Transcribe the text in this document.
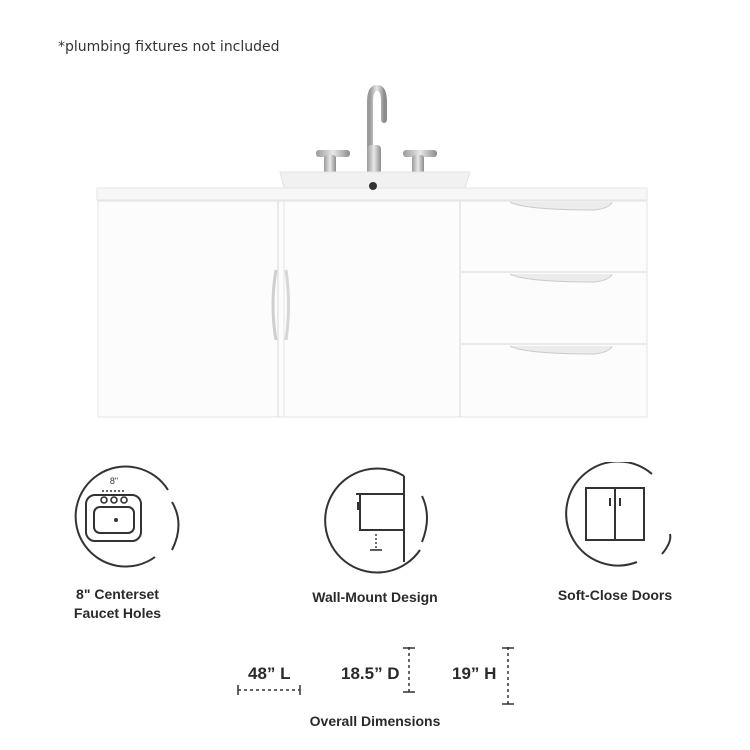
*plumbing fixtures not included
8"
8" Centerset
Faucet Holes
Wall-Mount Design	Soft-Close Doors
48” L	18.5” D	19” H
Overall Dimensions
